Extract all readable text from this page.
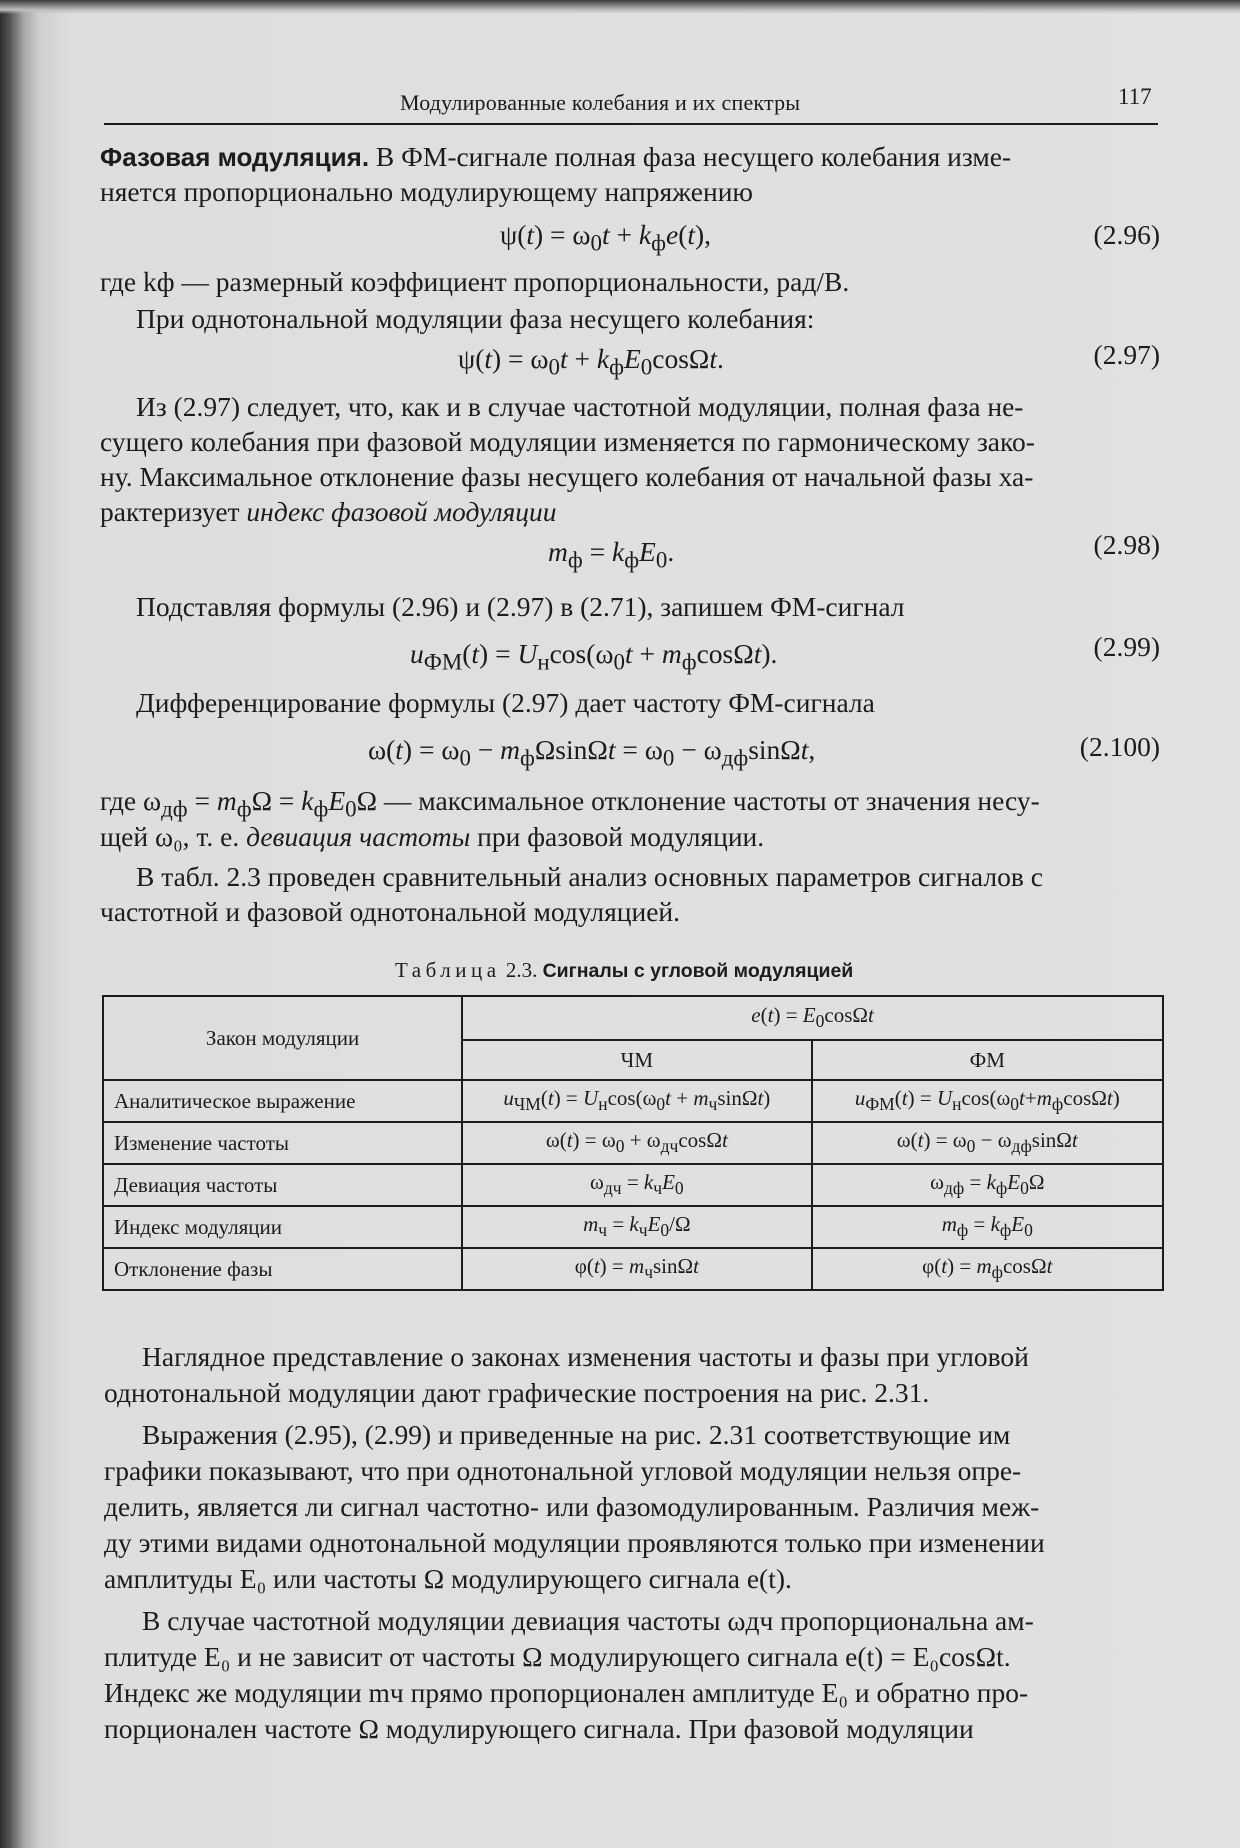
Модулированные колебания и их спектры	117
Фазовая модуляция. В ФМ-сигнале полная фаза несущего колебания изме-
няется пропорционально модулирующему напряжению
$\psi(t) = \omega_0t + k_фe(t)$,	(2.96)
где kф — размерный коэффициент пропорциональности, рад/В.
При однотональной модуляции фаза несущего колебания:
$\psi(t) = \omega_0t + k_фE_0\cos\Omega t$.	(2.97)
Из (2.97) следует, что, как и в случае частотной модуляции, полная фаза не-
сущего колебания при фазовой модуляции изменяется по гармоническому зако-
ну. Максимальное отклонение фазы несущего колебания от начальной фазы ха-
рактеризует индекс фазовой модуляции
$m_ф = k_фE_0$.	(2.98)
Подставляя формулы (2.96) и (2.97) в (2.71), запишем ФМ-сигнал
$u_{ФМ}(t) = U_н\cos(\omega_0t + m_ф\cos\Omega t)$.	(2.99)
Дифференцирование формулы (2.97) дает частоту ФМ-сигнала
$\omega(t) = \omega_0 - m_ф\Omega\sin\Omega t = \omega_0 - \omega_{дф}\sin\Omega t$,	(2.100)
где $\omega_{дф} = m_ф\Omega = k_фE_0\Omega$ — максимальное отклонение частоты от значения несу-
щей ω₀, т. е. девиация частоты при фазовой модуляции.
В табл. 2.3 проведен сравнительный анализ основных параметров сигналов с
частотной и фазовой однотональной модуляцией.
Таблица 2.3. Сигналы с угловой модуляцией
Закон модуляции	$e(t) = E_0\cos\Omega t$	
	ЧМ	ФМ
Аналитическое выражение	$u_{ЧМ}(t) = U_н\cos(\omega_0t + m_ч\sin\Omega t)$	$u_{ФМ}(t) = U_н\cos(\omega_0t+m_ф\cos\Omega t)$
Изменение частоты	$\omega(t) = \omega_0 + \omega_{дч}\cos\Omega t$	$\omega(t) = \omega_0 - \omega_{дф}\sin\Omega t$
Девиация частоты	$\omega_{дч} = k_чE_0$	$\omega_{дф} = k_фE_0\Omega$
Индекс модуляции	$m_ч = k_чE_0/\Omega$	$m_ф = k_фE_0$
Отклонение фазы	$\varphi(t) = m_ч\sin\Omega t$	$\varphi(t) = m_ф\cos\Omega t$
Наглядное представление о законах изменения частоты и фазы при угловой
однотональной модуляции дают графические построения на рис. 2.31.
Выражения (2.95), (2.99) и приведенные на рис. 2.31 соответствующие им
графики показывают, что при однотональной угловой модуляции нельзя опре-
делить, является ли сигнал частотно- или фазомодулированным. Различия меж-
ду этими видами однотональной модуляции проявляются только при изменении
амплитуды E₀ или частоты Ω модулирующего сигнала e(t).
В случае частотной модуляции девиация частоты ωдч пропорциональна ам-
плитуде E₀ и не зависит от частоты Ω модулирующего сигнала e(t) = E₀cosΩt.
Индекс же модуляции mч прямо пропорционален амплитуде E₀ и обратно про-
порционален частоте Ω модулирующего сигнала. При фазовой модуляции
